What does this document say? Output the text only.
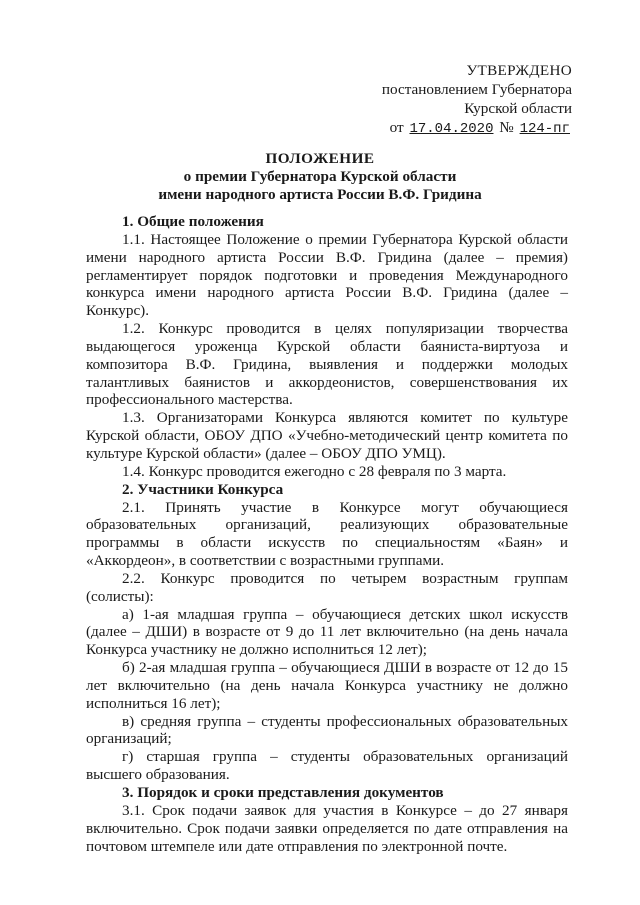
УТВЕРЖДЕНО
постановлением Губернатора
Курской области
от 17.04.2020 № 124-пг
ПОЛОЖЕНИЕ
о премии Губернатора Курской области
имени народного артиста России В.Ф. Гридина

1. Общие положения

1.1. Настоящее Положение о премии Губернатора Курской области имени народного артиста России В.Ф. Гридина (далее – премия) регламентирует порядок подготовки и проведения Международного конкурса имени народного артиста России В.Ф. Гридина (далее – Конкурс).

1.2. Конкурс проводится в целях популяризации творчества выдающегося уроженца Курской области баяниста-виртуоза и композитора В.Ф. Гридина, выявления и поддержки молодых талантливых баянистов и аккордеонистов, совершенствования их профессионального мастерства.

1.3. Организаторами Конкурса являются комитет по культуре Курской области, ОБОУ ДПО «Учебно-методический центр комитета по культуре Курской области» (далее – ОБОУ ДПО УМЦ).

1.4. Конкурс проводится ежегодно с 28 февраля по 3 марта.

2. Участники Конкурса

2.1. Принять участие в Конкурсе могут обучающиеся образовательных организаций, реализующих образовательные программы в области искусств по специальностям «Баян» и «Аккордеон», в соответствии с возрастными группами.

2.2. Конкурс проводится по четырем возрастным группам (солисты):

а) 1-ая младшая группа – обучающиеся детских школ искусств (далее – ДШИ) в возрасте от 9 до 11 лет включительно (на день начала Конкурса участнику не должно исполниться 12 лет);

б) 2-ая младшая группа – обучающиеся ДШИ в возрасте от 12 до 15 лет включительно (на день начала Конкурса участнику не должно исполниться 16 лет);

в) средняя группа – студенты профессиональных образовательных организаций;

г) старшая группа – студенты образовательных организаций высшего образования.

3. Порядок и сроки представления документов

3.1. Срок подачи заявок для участия в Конкурсе – до 27 января включительно. Срок подачи заявки определяется по дате отправления на почтовом штемпеле или дате отправления по электронной почте.
